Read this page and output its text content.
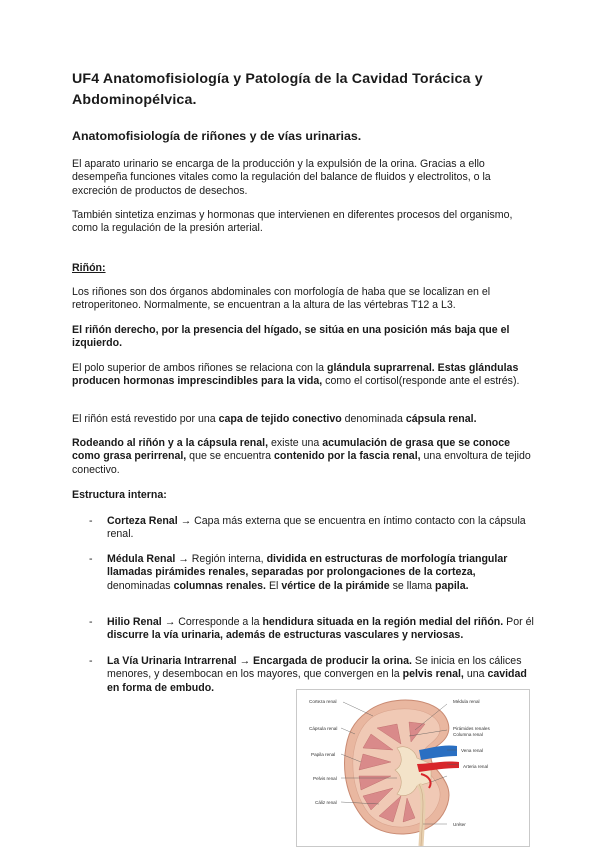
UF4 Anatomofisiología y Patología de la Cavidad Torácica y Abdominopélvica.
Anatomofisiología de riñones y de vías urinarias.
El aparato urinario se encarga de la producción y la expulsión de la orina. Gracias a ello desempeña funciones vitales como la regulación del balance de fluidos y electrolitos, o la excreción de productos de desechos.
También sintetiza enzimas y hormonas que intervienen en diferentes procesos del organismo, como la regulación de la presión arterial.
Riñón:
Los riñones son dos órganos abdominales con morfología de haba que se localizan en el retroperitoneo. Normalmente, se encuentran a la altura de las vértebras T12 a L3.
El riñón derecho, por la presencia del hígado, se sitúa en una posición más baja que el izquierdo.
El polo superior de ambos riñones se relaciona con la glándula suprarrenal. Estas glándulas producen hormonas imprescindibles para la vida, como el cortisol(responde ante el estrés).
El riñón está revestido por una capa de tejido conectivo denominada cápsula renal.
Rodeando al riñón y a la cápsula renal, existe una acumulación de grasa que se conoce como grasa perirrenal, que se encuentra contenido por la fascia renal, una envoltura de tejido conectivo.
Estructura interna:
-	Corteza Renal → Capa más externa que se encuentra en íntimo contacto con la cápsula renal.
-	Médula Renal → Región interna, dividida en estructuras de morfología triangular llamadas pirámides renales, separadas por prolongaciones de la corteza, denominadas columnas renales. El vértice de la pirámide se llama papila.
-	Hilio Renal → Corresponde a la hendidura situada en la región medial del riñón. Por él discurre la vía urinaria, además de estructuras vasculares y nerviosas.
-	La Vía Urinaria Intrarrenal → Encargada de producir la orina. Se inicia en los cálices menores, y desembocan en los mayores, que convergen en la pelvis renal, una cavidad en forma de embudo.
Corteza renal
Cápsula renal
Papila renal
Pelvis renal
Cáliz renal
Médula renal
Pirámides renales
Columna renal
Vena renal
Arteria renal
Uréter
